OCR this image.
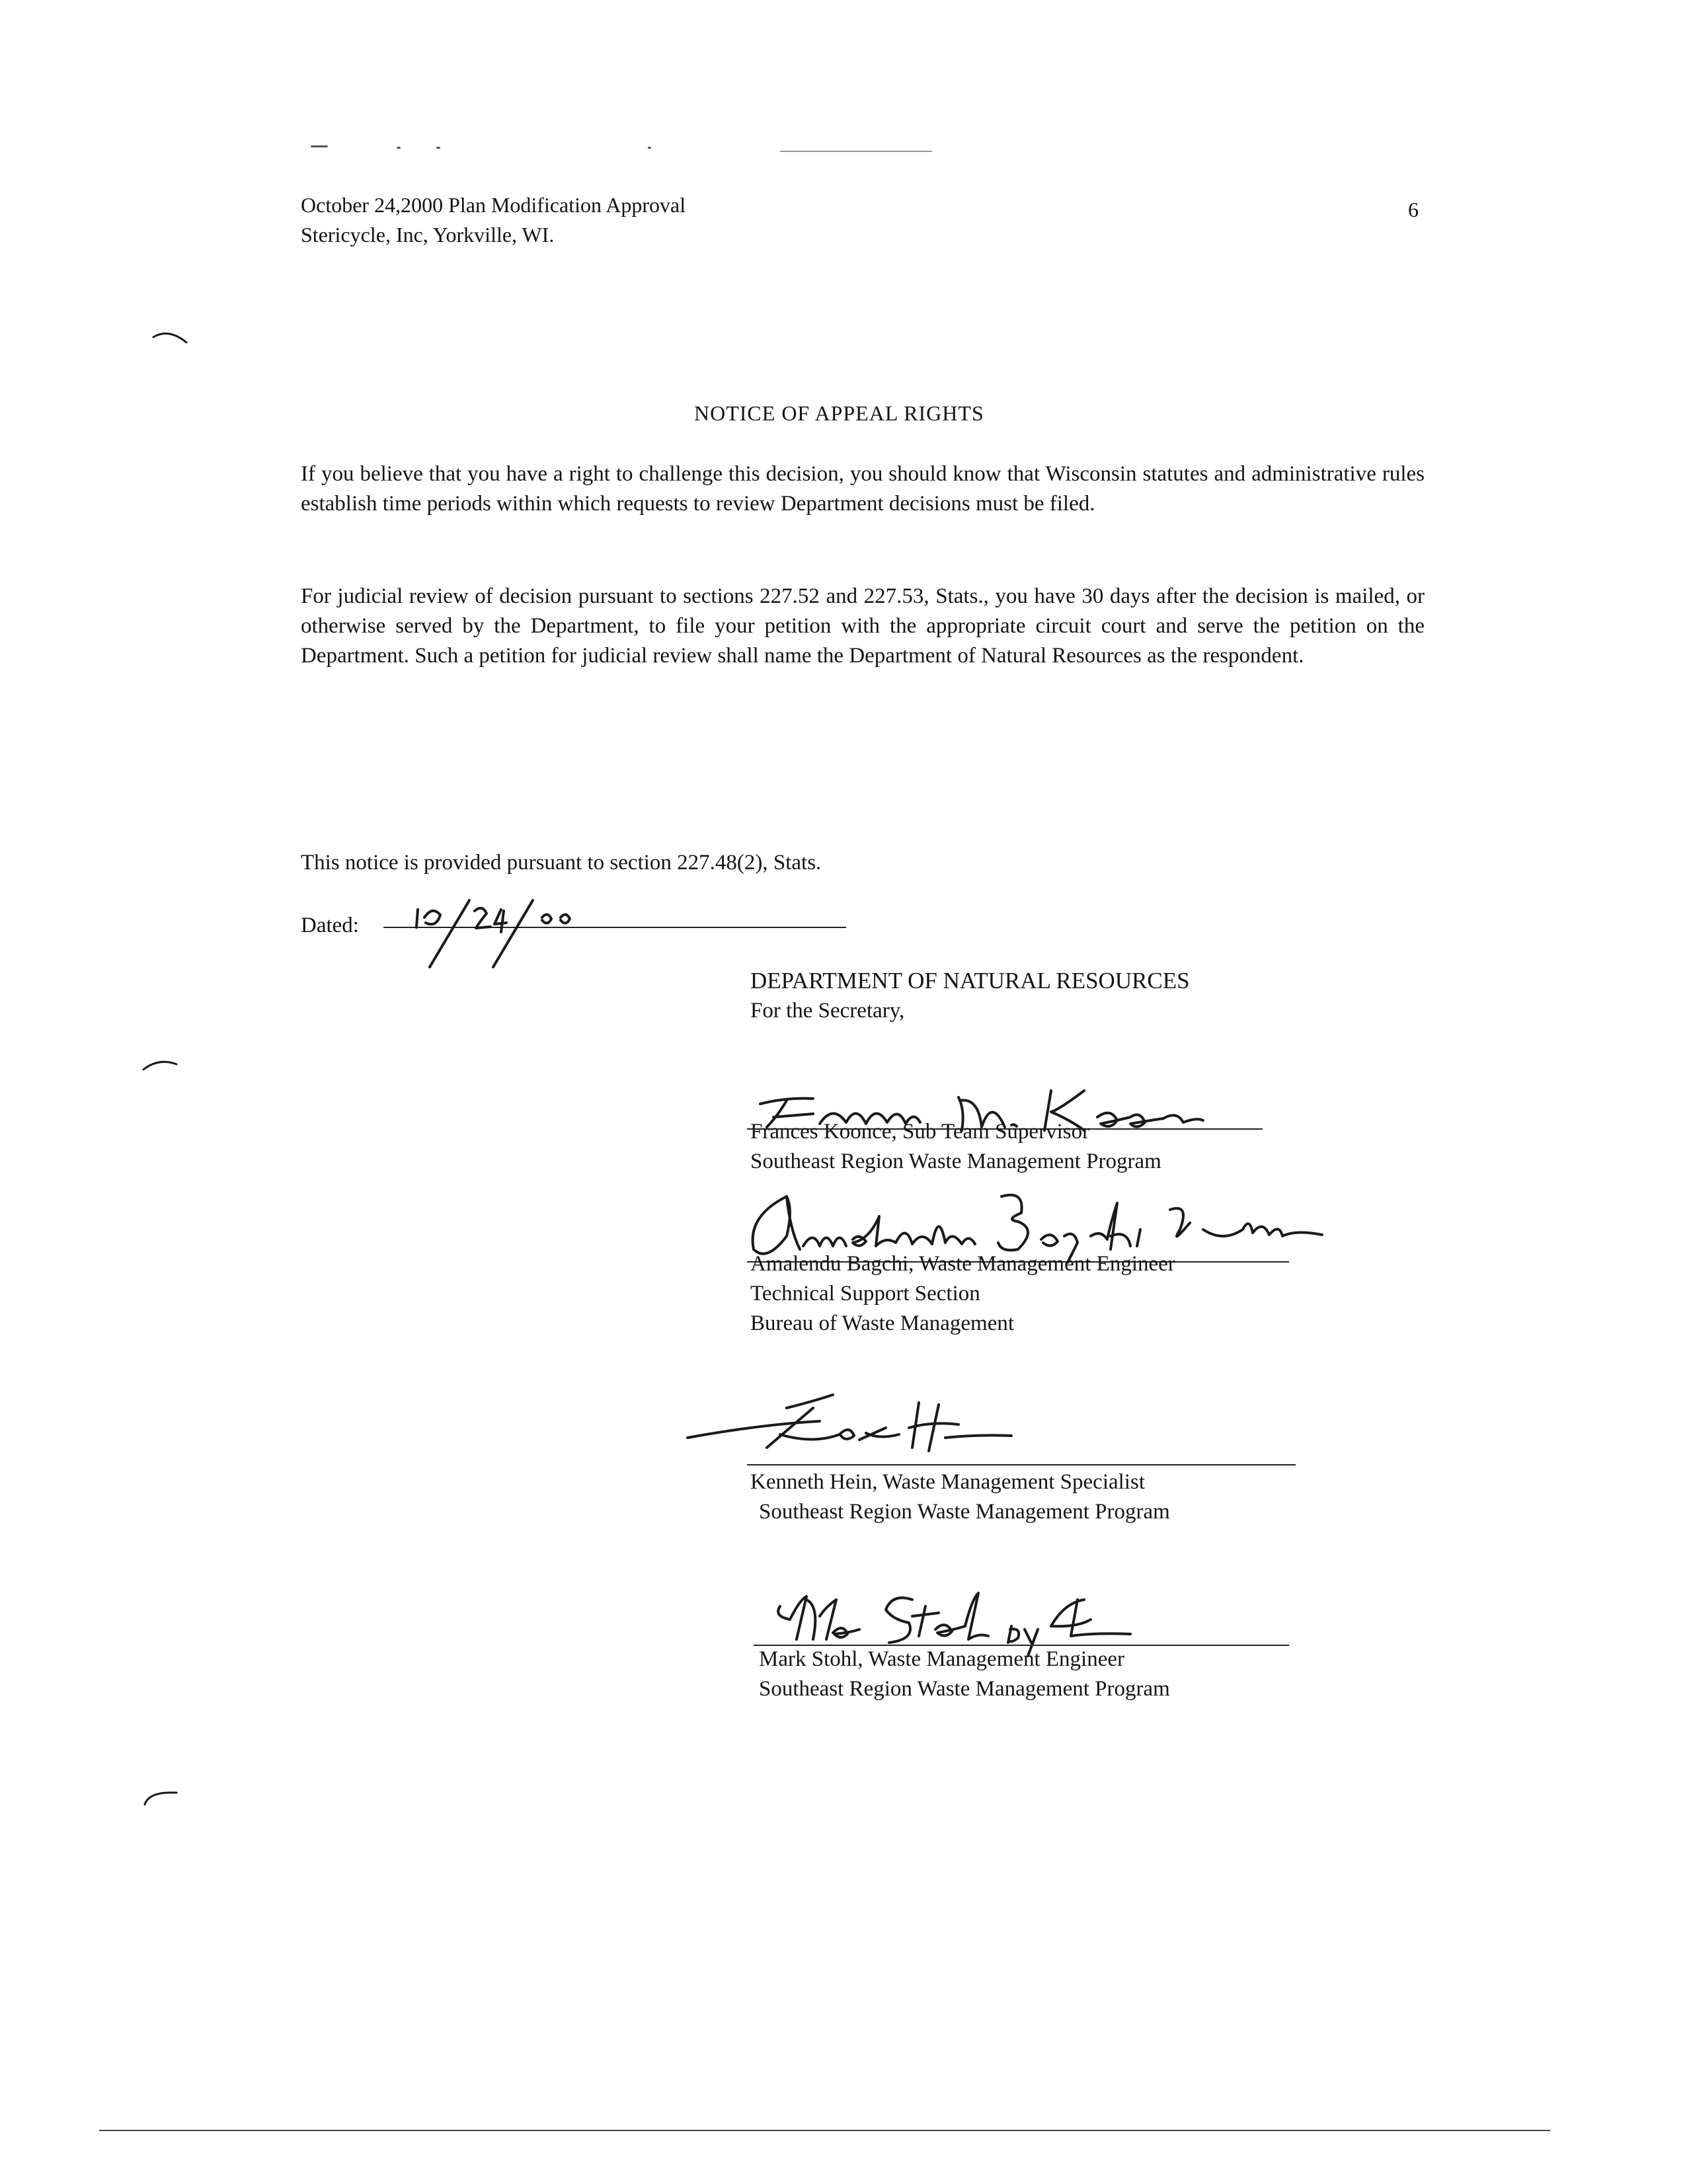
October 24,2000 Plan Modification Approval
Stericycle, Inc, Yorkville, WI.
6
NOTICE OF APPEAL RIGHTS
If you believe that you have a right to challenge this decision, you should know that Wisconsin statutes and administrative rules establish time periods within which requests to review Department decisions must be filed.
For judicial review of decision pursuant to sections 227.52 and 227.53, Stats., you have 30 days after the decision is mailed, or otherwise served by the Department, to file your petition with the appropriate circuit court and serve the petition on the Department. Such a petition for judicial review shall name the Department of Natural Resources as the respondent.
This notice is provided pursuant to section 227.48(2), Stats.
Dated:
DEPARTMENT OF NATURAL RESOURCES
For the Secretary,
Frances Koonce, Sub Team Supervisor
Southeast Region Waste Management Program
Amalendu Bagchi, Waste Management Engineer
Technical Support Section
Bureau of Waste Management
Kenneth Hein, Waste Management Specialist
Southeast Region Waste Management Program
Mark Stohl, Waste Management Engineer
Southeast Region Waste Management Program
